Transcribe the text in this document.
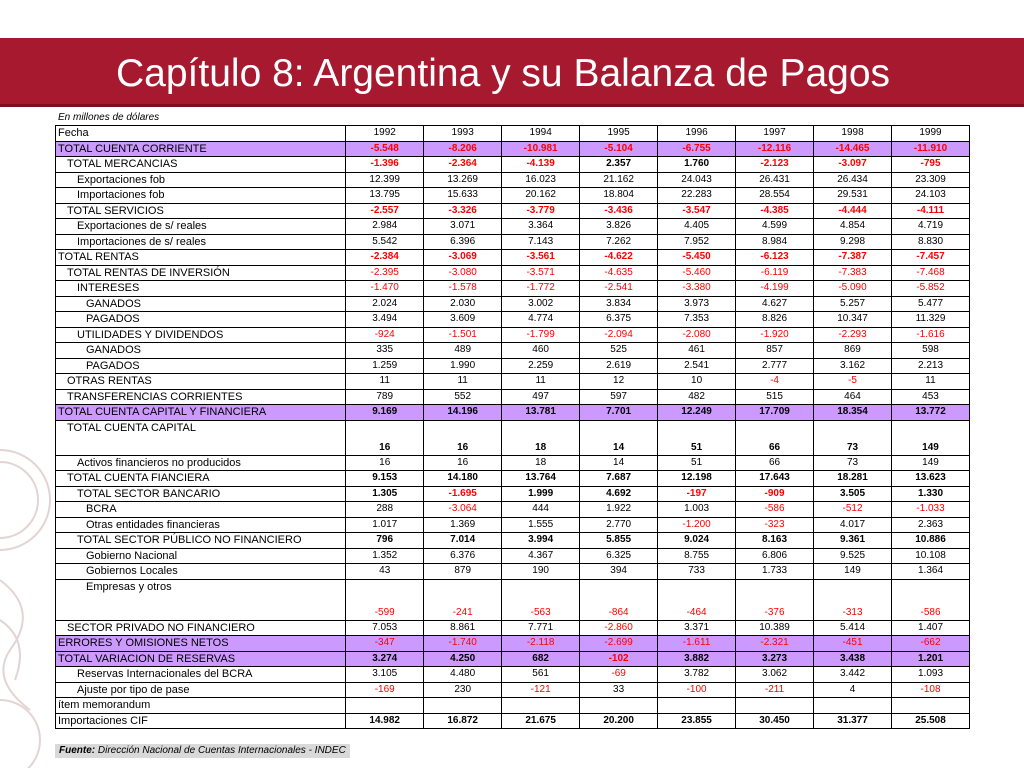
Capítulo 8: Argentina y su Balanza de Pagos
En millones de dólares
Fecha	1992	1993	1994	1995	1996	1997	1998	1999
TOTAL CUENTA CORRIENTE	-5.548	-8.206	-10.981	-5.104	-6.755	-12.116	-14.465	-11.910
TOTAL MERCANCIAS	-1.396	-2.364	-4.139	2.357	1.760	-2.123	-3.097	-795
Exportaciones fob	12.399	13.269	16.023	21.162	24.043	26.431	26.434	23.309
Importaciones fob	13.795	15.633	20.162	18.804	22.283	28.554	29.531	24.103
TOTAL SERVICIOS	-2.557	-3.326	-3.779	-3.436	-3.547	-4.385	-4.444	-4.111
Exportaciones de s/ reales	2.984	3.071	3.364	3.826	4.405	4.599	4.854	4.719
Importaciones de s/ reales	5.542	6.396	7.143	7.262	7.952	8.984	9.298	8.830
TOTAL RENTAS	-2.384	-3.069	-3.561	-4.622	-5.450	-6.123	-7.387	-7.457
TOTAL RENTAS DE INVERSIÓN	-2.395	-3.080	-3.571	-4.635	-5.460	-6.119	-7.383	-7.468
INTERESES	-1.470	-1.578	-1.772	-2.541	-3.380	-4.199	-5.090	-5.852
GANADOS	2.024	2.030	3.002	3.834	3.973	4.627	5.257	5.477
PAGADOS	3.494	3.609	4.774	6.375	7.353	8.826	10.347	11.329
UTILIDADES Y DIVIDENDOS	-924	-1.501	-1.799	-2.094	-2.080	-1.920	-2.293	-1.616
GANADOS	335	489	460	525	461	857	869	598
PAGADOS	1.259	1.990	2.259	2.619	2.541	2.777	3.162	2.213
OTRAS RENTAS	11	11	11	12	10	-4	-5	11
TRANSFERENCIAS CORRIENTES	789	552	497	597	482	515	464	453
TOTAL CUENTA CAPITAL Y FINANCIERA	9.169	14.196	13.781	7.701	12.249	17.709	18.354	13.772
TOTAL CUENTA CAPITAL	16	16	18	14	51	66	73	149
Activos financieros no producidos	16	16	18	14	51	66	73	149
TOTAL CUENTA FIANCIERA	9.153	14.180	13.764	7.687	12.198	17.643	18.281	13.623
TOTAL SECTOR BANCARIO	1.305	-1.695	1.999	4.692	-197	-909	3.505	1.330
BCRA	288	-3.064	444	1.922	1.003	-586	-512	-1.033
Otras entidades financieras	1.017	1.369	1.555	2.770	-1.200	-323	4.017	2.363
TOTAL SECTOR PÚBLICO NO FINANCIERO	796	7.014	3.994	5.855	9.024	8.163	9.361	10.886
Gobierno Nacional	1.352	6.376	4.367	6.325	8.755	6.806	9.525	10.108
Gobiernos Locales	43	879	190	394	733	1.733	149	1.364
Empresas y otros	-599	-241	-563	-864	-464	-376	-313	-586
SECTOR PRIVADO NO FINANCIERO	7.053	8.861	7.771	-2.860	3.371	10.389	5.414	1.407
ERRORES Y OMISIONES NETOS	-347	-1.740	-2.118	-2.699	-1.611	-2.321	-451	-662
TOTAL VARIACION DE RESERVAS	3.274	4.250	682	-102	3.882	3.273	3.438	1.201
Reservas Internacionales del BCRA	3.105	4.480	561	-69	3.782	3.062	3.442	1.093
Ajuste por tipo de pase	-169	230	-121	33	-100	-211	4	-108
ítem memorandum								
Importaciones CIF	14.982	16.872	21.675	20.200	23.855	30.450	31.377	25.508
Fuente: Dirección Nacional de Cuentas Internacionales - INDEC
